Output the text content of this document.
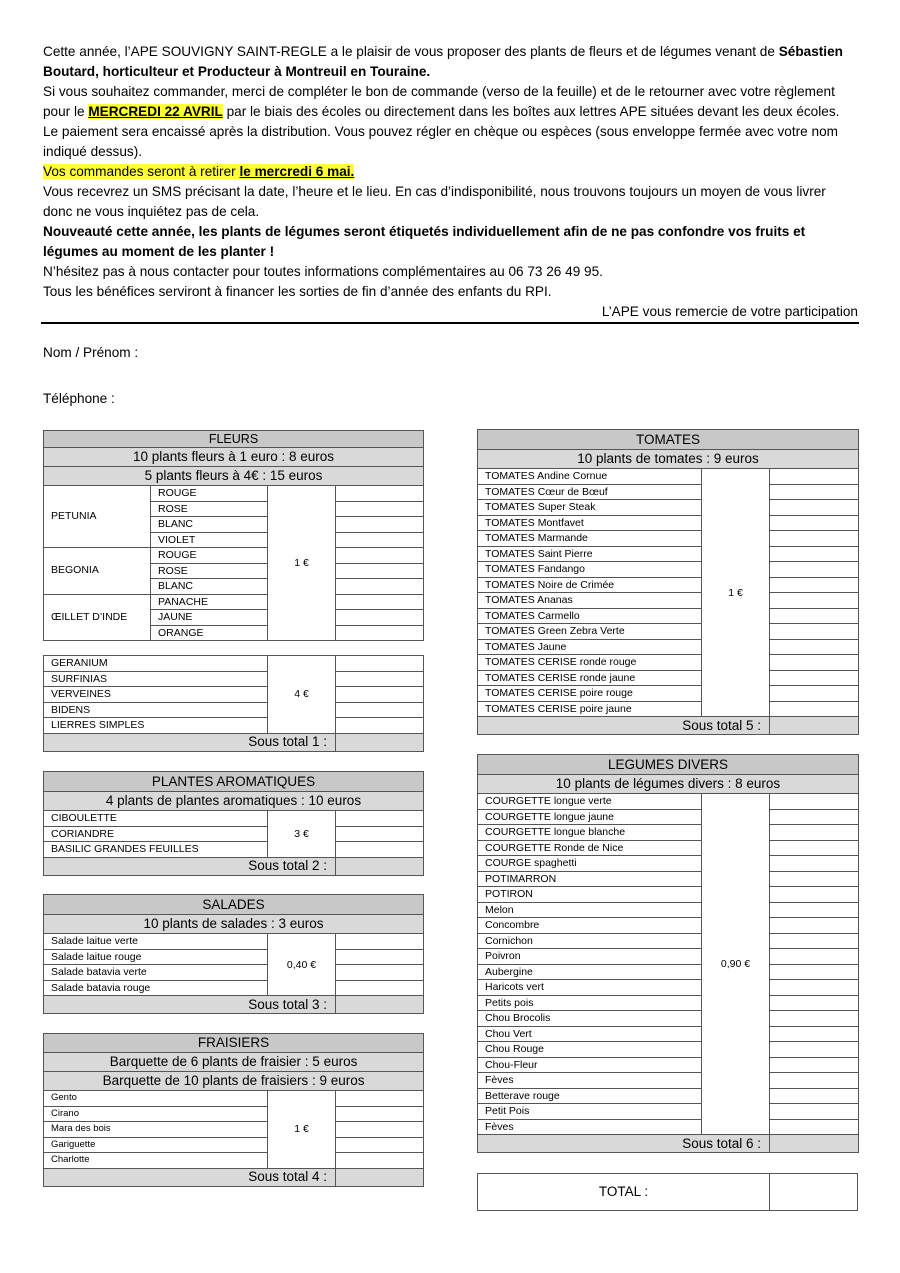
Cette année, l’APE SOUVIGNY SAINT-REGLE a le plaisir de vous proposer des plants de fleurs et de légumes venant de Sébastien Boutard, horticulteur et Producteur à Montreuil en Touraine.

Si vous souhaitez commander, merci de compléter le bon de commande (verso de la feuille) et de le retourner avec votre règlement pour le MERCREDI 22 AVRIL par le biais des écoles ou directement dans les boîtes aux lettres APE situées devant les deux écoles. Le paiement sera encaissé après la distribution. Vous pouvez régler en chèque ou espèces (sous enveloppe fermée avec votre nom indiqué dessus).

Vos commandes seront à retirer le mercredi 6 mai.

Vous recevrez un SMS précisant la date, l’heure et le lieu. En cas d’indisponibilité, nous trouvons toujours un moyen de vous livrer donc ne vous inquiétez pas de cela.

Nouveauté cette année, les plants de légumes seront étiquetés individuellement afin de ne pas confondre vos fruits et légumes au moment de les planter !

N’hésitez pas à nous contacter pour toutes informations complémentaires au 06 73 26 49 95.

Tous les bénéfices serviront à financer les sorties de fin d’année des enfants du RPI.

L’APE vous remercie de votre participation

Nom / Prénom :
Téléphone :
FLEURS			
10 plants fleurs à 1 euro : 8 euros			
5 plants fleurs à 4€ : 15 euros			
PETUNIA	ROUGE	1 €	
	ROSE		
	BLANC		
	VIOLET		
BEGONIA	ROUGE		
	ROSE		
	BLANC		
ŒILLET D’INDE	PANACHE		
	JAUNE		
	ORANGE		
GERANIUM	4 €	
SURFINIAS		
VERVEINES		
BIDENS		
LIERRES SIMPLES		
Sous total 1 :		
PLANTES AROMATIQUES		
4 plants de plantes aromatiques : 10 euros		
CIBOULETTE	3 €	
CORIANDRE		
BASILIC GRANDES FEUILLES		
Sous total 2 :		
SALADES		
10 plants de salades : 3 euros		
Salade laitue verte	0,40 €	
Salade laitue rouge		
Salade batavia verte		
Salade batavia rouge		
Sous total 3 :		
FRAISIERS		
Barquette de 6 plants de fraisier : 5 euros		
Barquette de 10 plants de fraisiers : 9 euros		
Gento	1 €	
Cirano		
Mara des bois		
Gariguette		
Charlotte		
Sous total 4 :		
TOMATES		
10 plants de tomates : 9 euros		
TOMATES Andine Cornue	1 €	
TOMATES Cœur de Bœuf		
TOMATES Super Steak		
TOMATES Montfavet		
TOMATES Marmande		
TOMATES Saint Pierre		
TOMATES Fandango		
TOMATES Noire de Crimée		
TOMATES Ananas		
TOMATES Carmello		
TOMATES Green Zebra Verte		
TOMATES Jaune		
TOMATES CERISE ronde rouge		
TOMATES CERISE ronde jaune		
TOMATES CERISE poire rouge		
TOMATES CERISE poire jaune		
Sous total 5 :		
LEGUMES DIVERS		
10 plants de légumes divers : 8 euros		
COURGETTE longue verte	0,90 €	
COURGETTE longue jaune		
COURGETTE longue blanche		
COURGETTE Ronde de Nice		
COURGE spaghetti		
POTIMARRON		
POTIRON		
Melon		
Concombre		
Cornichon		
Poivron		
Aubergine		
Haricots vert		
Petits pois		
Chou Brocolis		
Chou Vert		
Chou Rouge		
Chou-Fleur		
Fèves		
Betterave rouge		
Petit Pois		
Fèves		
Sous total 6 :		
TOTAL :
